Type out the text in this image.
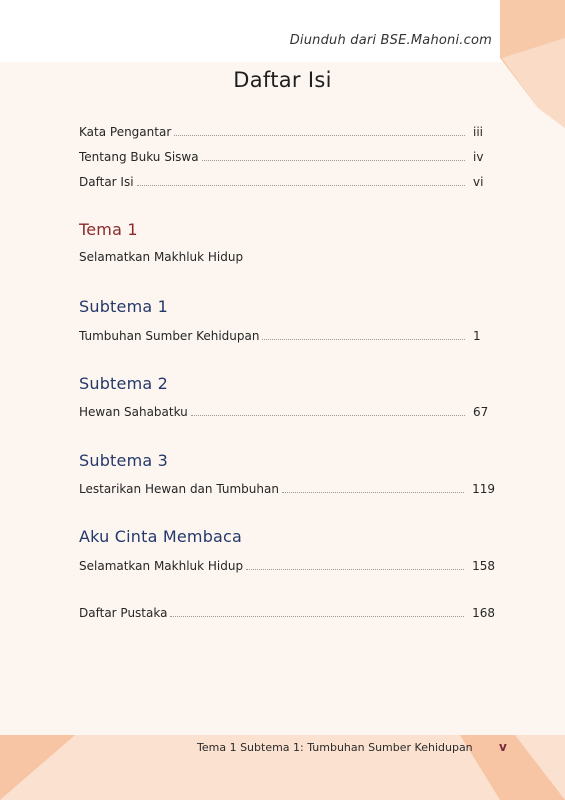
Diunduh dari BSE.Mahoni.com
Daftar Isi
Kata Pengantar	iii
Tentang Buku Siswa	iv
Daftar Isi	vi
Tema 1
Selamatkan Makhluk Hidup
Subtema 1
Tumbuhan Sumber Kehidupan	1
Subtema 2
Hewan Sahabatku	67
Subtema 3
Lestarikan Hewan dan Tumbuhan	119
Aku Cinta Membaca
Selamatkan Makhluk Hidup	158
Daftar Pustaka	168
Tema 1 Subtema 1: Tumbuhan Sumber Kehidupan v
